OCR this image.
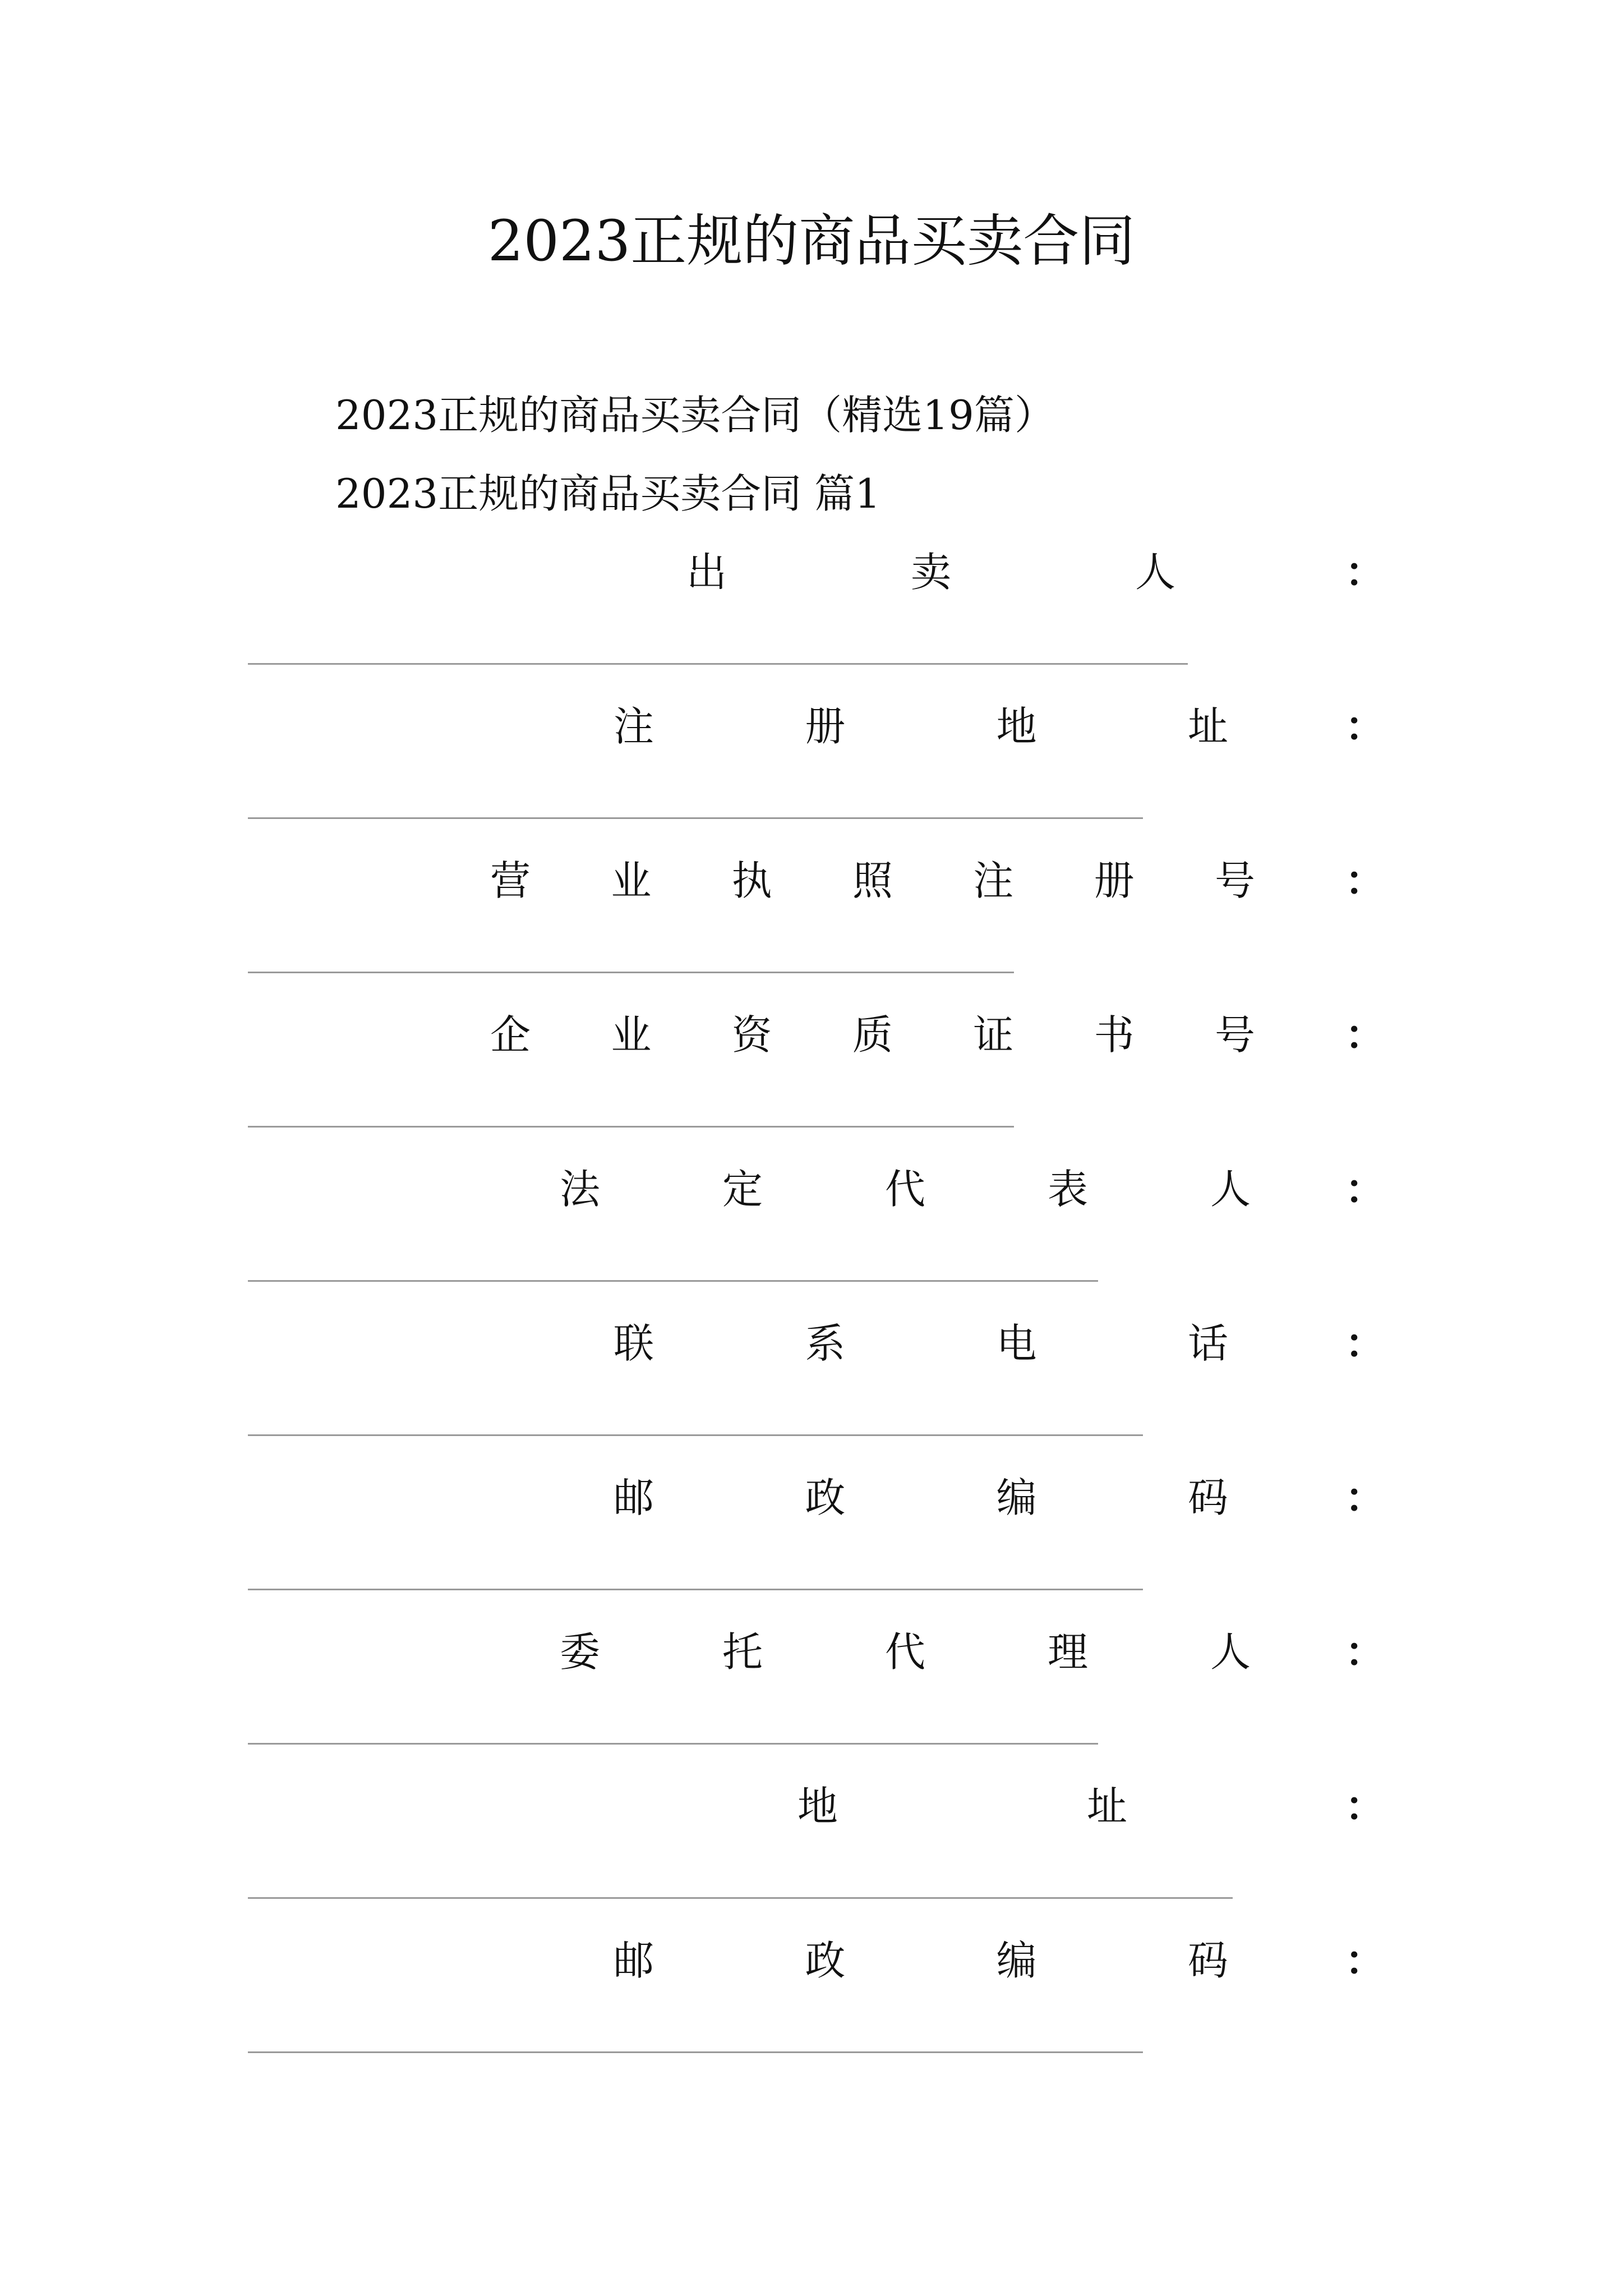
2023正规的商品买卖合同
2023正规的商品买卖合同（精选19篇）
2023正规的商品买卖合同 篇1
出	卖	人	：
注	册	地	址	：
营 业 执 照 注 册 号 ：
企 业 资 质 证 书 号 ：
法	定	代	表	人 ：
联	系	电	话	：
邮	政	编	码	：
委	托	代	理	人 ：
地	址	：
邮	政	编	码	：
